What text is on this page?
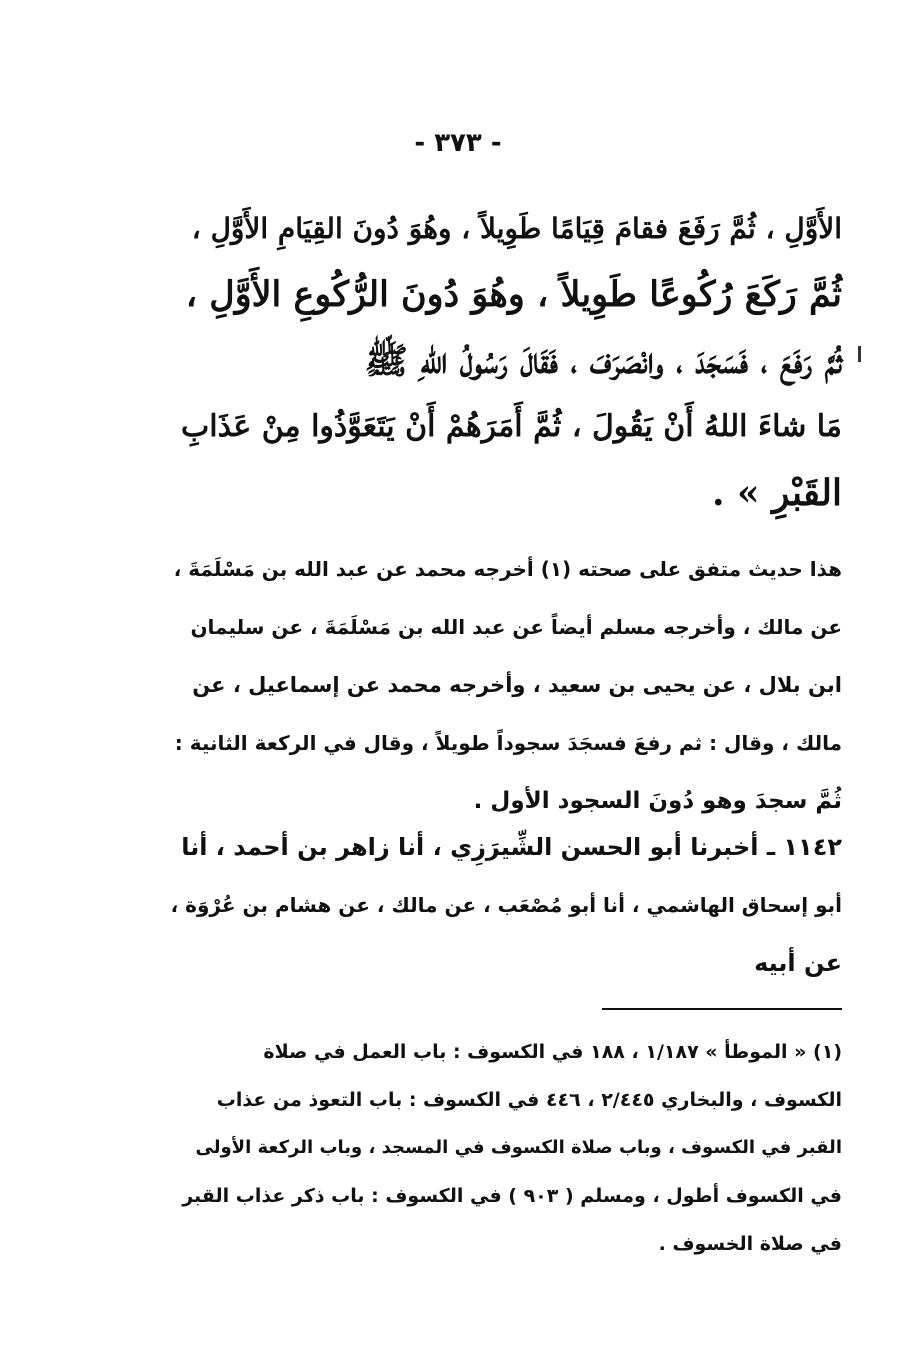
- ٣٧٣ -
الأَوَّلِ ، ثُمَّ رَفَعَ فقامَ قِيَامًا طَوِيلاً ، وهُوَ دُونَ القِيَامِ الأَوَّلِ ،
ثُمَّ رَكَعَ رُكُوعًا طَوِيلاً ، وهُوَ دُونَ الرُّكُوعِ الأَوَّلِ ،
ثُمَّ رَفَعَ ، فَسَجَدَ ، وانْصَرَفَ ، فَقَالَ رَسُولُ اللهِ ﷺ
مَا شاءَ اللهُ أَنْ يَقُولَ ، ثُمَّ أَمَرَهُمْ أَنْ يَتَعَوَّذُوا مِنْ عَذَابِ
القَبْرِ » .
هذا حديث متفق على صحته (١) أخرجه محمد عن عبد الله بن مَسْلَمَةَ ،
عن مالك ، وأخرجه مسلم أيضاً عن عبد الله بن مَسْلَمَةَ ، عن سليمان
ابن بلال ، عن يحيى بن سعيد ، وأخرجه محمد عن إسماعيل ، عن
مالك ، وقال : ثم رفعَ فسجَدَ سجوداً طويلاً ، وقال في الركعة الثانية :
ثُمَّ سجدَ وهو دُونَ السجود الأول .
١١٤٢ ـ أخبرنا أبو الحسن الشِّيرَزِي ، أنا زاهر بن أحمد ، أنا
أبو إسحاق الهاشمي ، أنا أبو مُصْعَب ، عن مالك ، عن هشام بن عُرْوَة ،
عن أبيه
(١) « الموطأ » ١/١٨٧ ، ١٨٨ في الكسوف : باب العمل في صلاة
الكسوف ، والبخاري ٢/٤٤٥ ، ٤٤٦ في الكسوف : باب التعوذ من عذاب
القبر في الكسوف ، وباب صلاة الكسوف في المسجد ، وباب الركعة الأولى
في الكسوف أطول ، ومسلم ( ٩٠٣ ) في الكسوف : باب ذكر عذاب القبر
في صلاة الخسوف .
